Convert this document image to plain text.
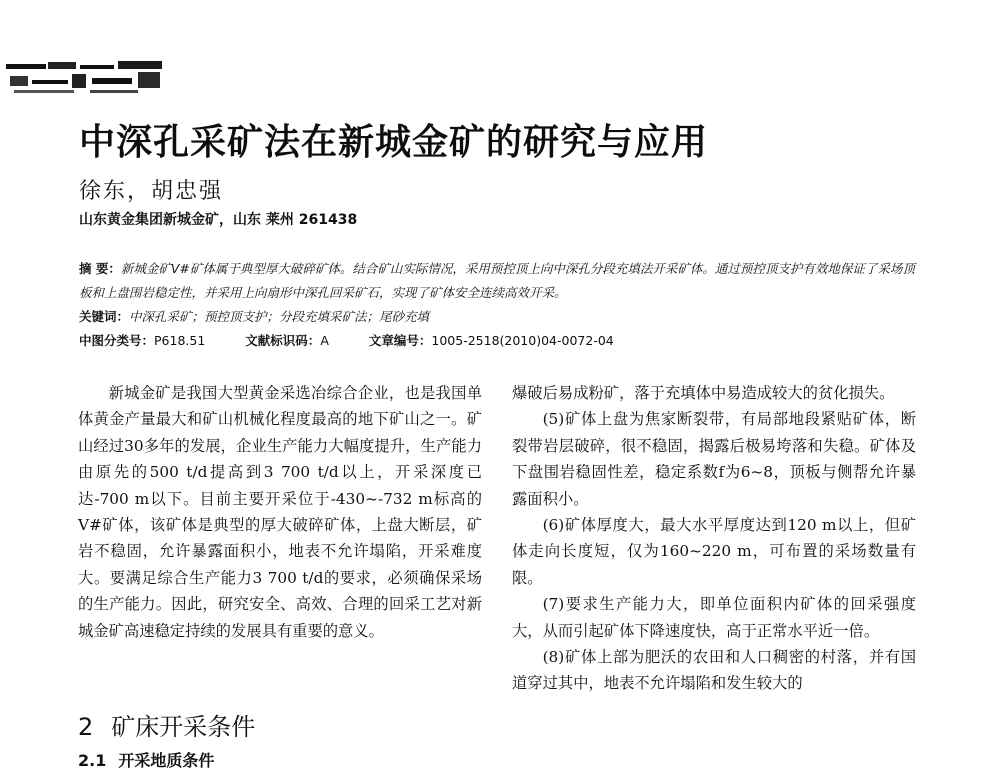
中深孔采矿法在新城金矿的研究与应用
徐东，胡忠强
山东黄金集团新城金矿，山东 莱州 261438
摘 要：新城金矿V#矿体属于典型厚大破碎矿体。结合矿山实际情况，采用预控顶上向中深孔分段充填法开采矿体。通过预控顶支护有效地保证了采场顶板和上盘围岩稳定性，并采用上向扇形中深孔回采矿石，实现了矿体安全连续高效开采。
关键词：中深孔采矿；预控顶支护；分段充填采矿法；尾砂充填
中图分类号：P618.51	文献标识码：A	文章编号：1005-2518(2010)04-0072-04

新城金矿是我国大型黄金采选冶综合企业，也是我国单体黄金产量最大和矿山机械化程度最高的地下矿山之一。矿山经过30多年的发展，企业生产能力大幅度提升，生产能力由原先的500 t/d提高到3 700 t/d以上，开采深度已达-700 m以下。目前主要开采位于-430~-732 m标高的V#矿体，该矿体是典型的厚大破碎矿体，上盘大断层，矿岩不稳固，允许暴露面积小，地表不允许塌陷，开采难度大。要满足综合生产能力3 700 t/d的要求，必须确保采场的生产能力。因此，研究安全、高效、合理的回采工艺对新城金矿高速稳定持续的发展具有重要的意义。

2 矿床开采条件
2.1 开采地质条件

爆破后易成粉矿，落于充填体中易造成较大的贫化损失。

(5)矿体上盘为焦家断裂带，有局部地段紧贴矿体，断裂带岩层破碎，很不稳固，揭露后极易垮落和失稳。矿体及下盘围岩稳固性差，稳定系数f为6~8，顶板与侧帮允许暴露面积小。

(6)矿体厚度大，最大水平厚度达到120 m以上，但矿体走向长度短，仅为160~220 m，可布置的采场数量有限。

(7)要求生产能力大，即单位面积内矿体的回采强度大，从而引起矿体下降速度快，高于正常水平近一倍。

(8)矿体上部为肥沃的农田和人口稠密的村落，并有国道穿过其中，地表不允许塌陷和发生较大的
